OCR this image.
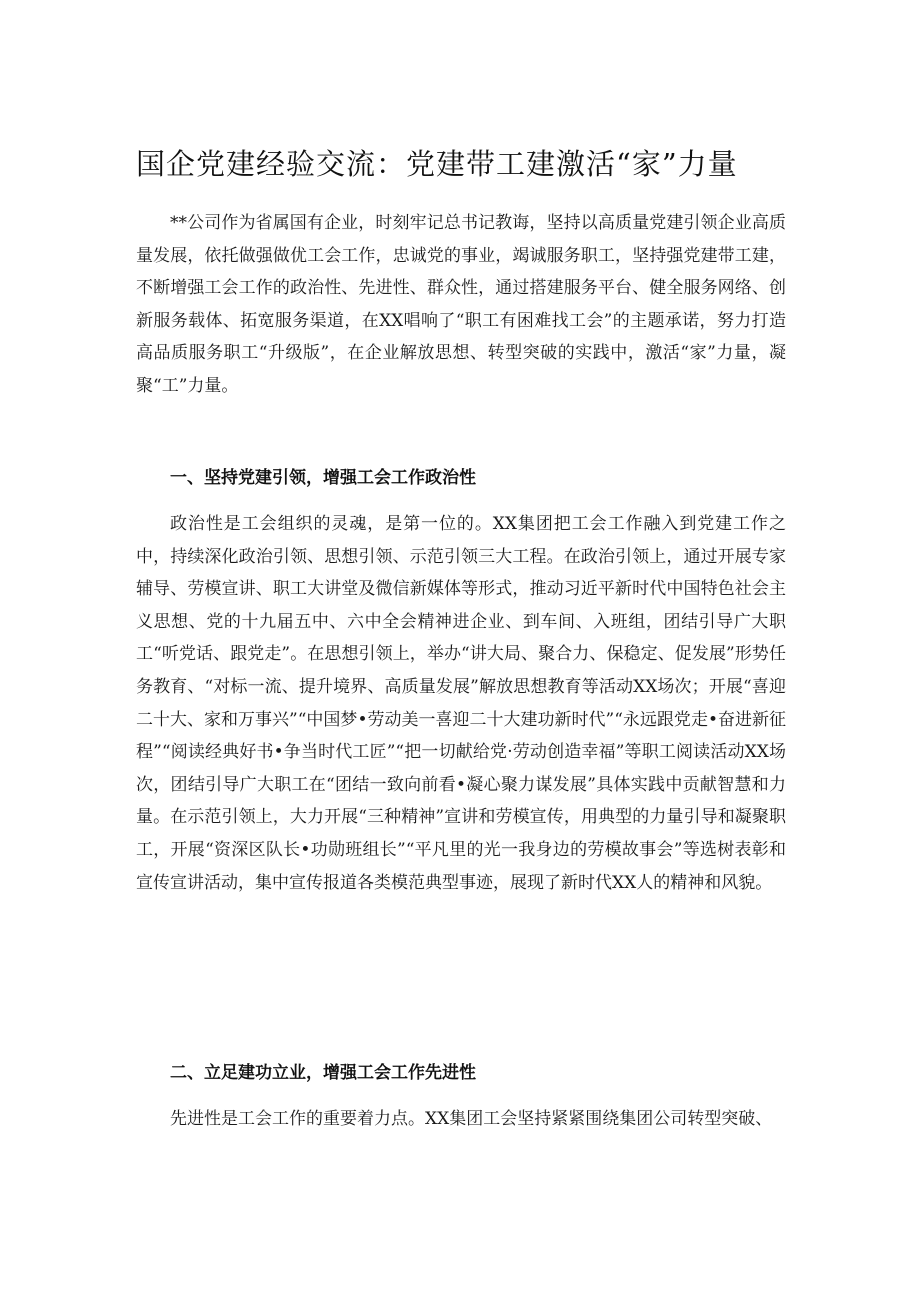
国企党建经验交流：党建带工建激活“家”力量

**公司作为省属国有企业，时刻牢记总书记教诲，坚持以高质量党建引领企业高质量发展，依托做强做优工会工作，忠诚党的事业，竭诚服务职工，坚持强党建带工建，不断增强工会工作的政治性、先进性、群众性，通过搭建服务平台、健全服务网络、创新服务载体、拓宽服务渠道，在XX唱响了“职工有困难找工会”的主题承诺，努力打造高品质服务职工“升级版”，在企业解放思想、转型突破的实践中，激活“家”力量，凝聚“工”力量。

一、坚持党建引领，增强工会工作政治性

政治性是工会组织的灵魂，是第一位的。XX集团把工会工作融入到党建工作之中，持续深化政治引领、思想引领、示范引领三大工程。在政治引领上，通过开展专家辅导、劳模宣讲、职工大讲堂及微信新媒体等形式，推动习近平新时代中国特色社会主义思想、党的十九届五中、六中全会精神进企业、到车间、入班组，团结引导广大职工“听党话、跟党走”。在思想引领上，举办“讲大局、聚合力、保稳定、促发展”形势任务教育、“对标一流、提升境界、高质量发展”解放思想教育等活动XX场次；开展“喜迎二十大、家和万事兴”“中国梦•劳动美一喜迎二十大建功新时代”“永远跟党走•奋进新征程”“阅读经典好书•争当时代工匠”“把一切献给党·劳动创造幸福”等职工阅读活动XX场次，团结引导广大职工在“团结一致向前看•凝心聚力谋发展”具体实践中贡献智慧和力量。在示范引领上，大力开展“三种精神”宣讲和劳模宣传，用典型的力量引导和凝聚职工，开展“资深区队长•功勋班组长”“平凡里的光一我身边的劳模故事会”等选树表彰和宣传宣讲活动，集中宣传报道各类模范典型事迹，展现了新时代XX人的精神和风貌。

二、立足建功立业，增强工会工作先进性

先进性是工会工作的重要着力点。XX集团工会坚持紧紧围绕集团公司转型突破、
